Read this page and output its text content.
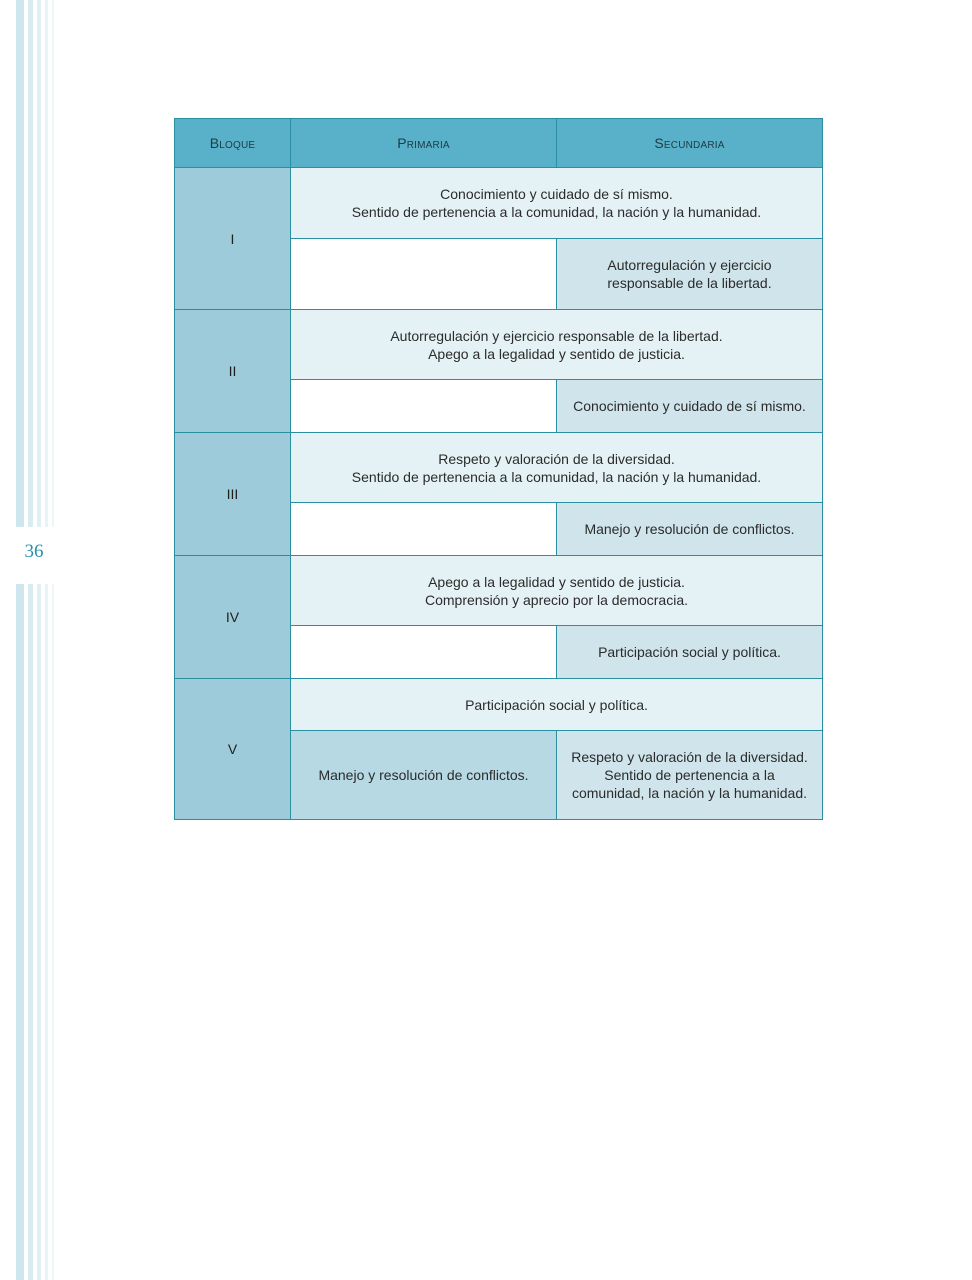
36
Bloque	Primaria	Secundaria
I	Conocimiento y cuidado de sí mismo.
Sentido de pertenencia a la comunidad, la nación y la humanidad.	

		Autorregulación y ejercicio
responsable de la libertad.

II	Autorregulación y ejercicio responsable de la libertad.
Apego a la legalidad y sentido de justicia.	

		Conocimiento y cuidado de sí mismo.

III	Respeto y valoración de la diversidad.
Sentido de pertenencia a la comunidad, la nación y la humanidad.	

		Manejo y resolución de conflictos.

IV	Apego a la legalidad y sentido de justicia.
Comprensión y aprecio por la democracia.	

		Participación social y política.

V	Participación social y política.	

	Manejo y resolución de conflictos.	Respeto y valoración de la diversidad.
Sentido de pertenencia a la
comunidad, la nación y la humanidad.
